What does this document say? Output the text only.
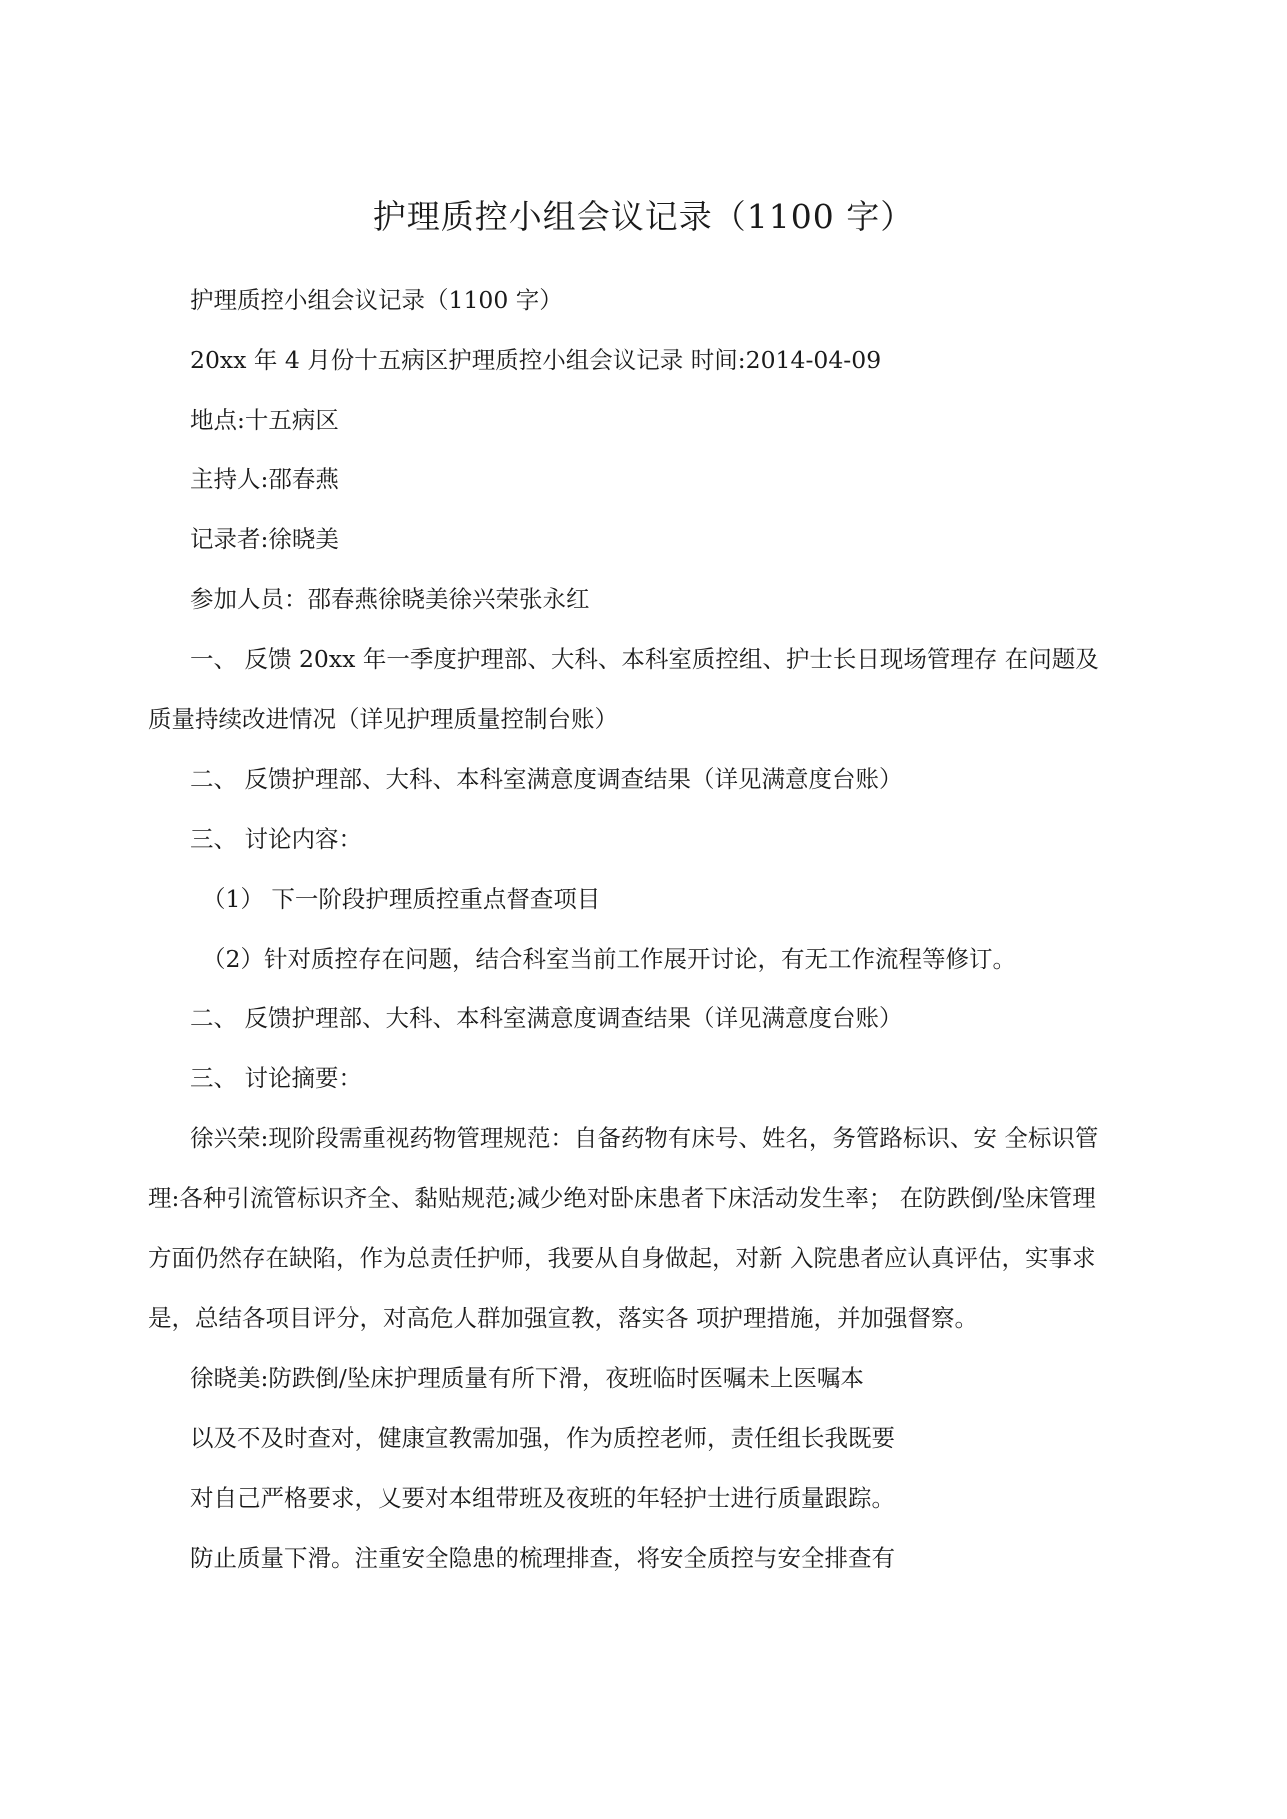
护理质控小组会议记录（1100 字）
护理质控小组会议记录（1100 字）
20xx 年 4 月份十五病区护理质控小组会议记录 时间:2014-04-09
地点:十五病区
主持人:邵春燕
记录者:徐晓美
参加人员：邵春燕徐晓美徐兴荣张永红
一、 反馈 20xx 年一季度护理部、大科、本科室质控组、护士长日现场管理存 在问题及
质量持续改进情况（详见护理质量控制台账）
二、 反馈护理部、大科、本科室满意度调查结果（详见满意度台账）
三、 讨论内容：
（1） 下一阶段护理质控重点督查项目
（2）针对质控存在问题，结合科室当前工作展开讨论，有无工作流程等修订。
二、 反馈护理部、大科、本科室满意度调查结果（详见满意度台账）
三、 讨论摘要：
徐兴荣:现阶段需重视药物管理规范：自备药物有床号、姓名，务管路标识、安 全标识管
理:各种引流管标识齐全、黏贴规范;减少绝对卧床患者下床活动发生率； 在防跌倒/坠床管理
方面仍然存在缺陷，作为总责任护师，我要从自身做起，对新 入院患者应认真评估，实事求
是，总结各项目评分，对高危人群加强宣教，落实各 项护理措施，并加强督察。
徐晓美:防跌倒/坠床护理质量有所下滑，夜班临时医嘱未上医嘱本
以及不及时查对，健康宣教需加强，作为质控老师，责任组长我既要
对自己严格要求，乂要对本组带班及夜班的年轻护士进行质量跟踪。
防止质量下滑。注重安全隐患的梳理排查，将安全质控与安全排查有
